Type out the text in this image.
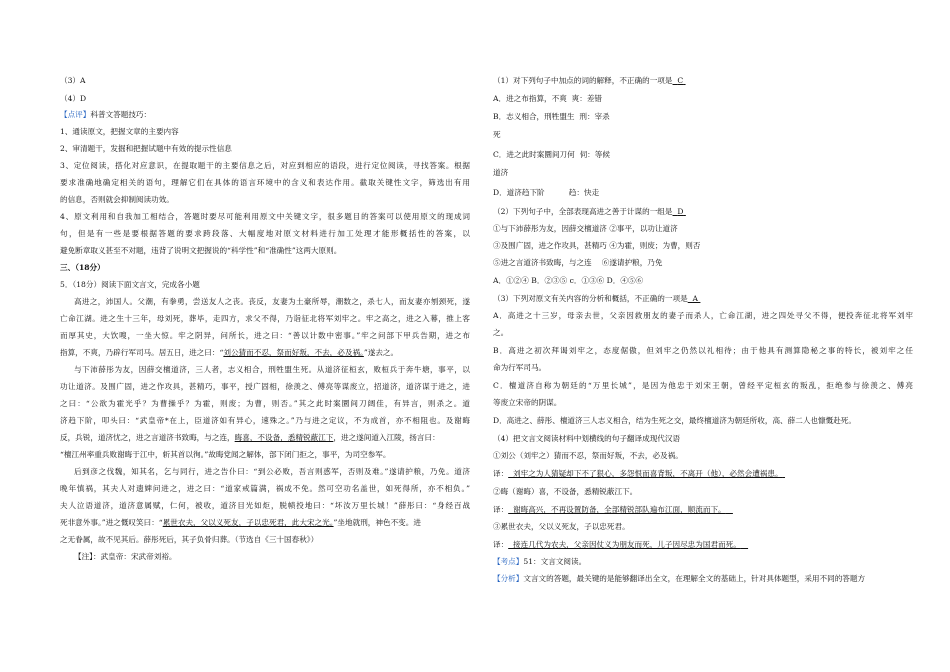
（3）A
（4）D
【点评】科普文答题技巧：
1、通读原文，把握文章的主要内容
2、审清题干，发掘和把握试题中有效的提示性信息
3、定位阅读，搭化对应意识，在提取题干的主要信息之后，对应到相应的语段，进行定位阅读，寻找答案。根据
要求准确地确定相关的语句，理解它们在具体的语言环境中的含义和表达作用。截取关键性文字，筛选出有用
的信息，否则就会抑制阅读功效。
4、原文利用和自我加工相结合，答题时要尽可能利用原文中关键文字，很多题目的答案可以使用原文的现成词
句，但是有一些是要根据答题的要求跨段落、大幅度地对原文材料进行加工处理才能形概括性的答案，以
避免断章取义甚至不对题，违背了说明文把握说的“科学性”和“准确性”这两大原则。
三、（18分）
5．（18分）阅读下面文言文，完成各小题
高进之，沛国人。父潮，有拳勇，尝送友人之丧。丧反，友妻为土豪所辱，潮数之，杀七人，而友妻亦刎颈死，遂
亡命江湖。进之生十三年，母刘死，葬毕，走四方，求父不得，乃诣征北将军刘牢之。牢之高之，进之入幕，推上客
而厚其史，大饮嗖，一坐大惊。牢之阴异，问所长，进之曰：“善以计数中密事。”牢之问部下甲兵告期，进之布
指算，不爽，乃辟行军司马。居五日，进之曰：“刘公猜而不忍，祭而好叛，不去，必及祸。”遂去之。
与下沛薛彤为友，因薛交檀道济，三人者，志义相合，刑牲盟生死。从道济征桓玄，败桓兵于奔牛塘，事平，以
功让道济。及围广固，进之作攻具，甚精巧，事平，授广固相，徐羡之、傅亮等谋废立，招道济，道济谋于进之，进
之曰：“公欲为霍光乎？为曹操乎？为霍，则废；为曹，则否。”其之此时案圜间刀阔佳，有异言，则杀之。道
济趋下阶，叩头曰：“武皇帝*在上，臣道济如有异心，速殊之。”乃与进之定议，不为成首，亦不相阻也。及谢晦
反，兵锐，道济忧之，进之言道济书致晦，与之连，晦喜，不设备，悉精锐蔽江下，进之遂间道入江陵，扬言曰：
“檀江州率重兵败谢晦于江中，斩其首以徇。”故晦党闻之解体，部下闭门拒之，事平，为司空参军。
后到彦之伐魏，知其名，乞与同行，进之告仆曰：“到公必败，吾言则惑军，否则及难。”遂请护粮，乃免。道济
晚年慎祸，其夫人对遗婢问进之，进之曰：“道家戒篇满，祸成不免。然可空功名盖世，如死得所，亦不相负。”
夫人泣语道济，道济意属赋，仁何，被收，道济目光如炬，脱帻投地曰：“坏汝万里长城！”薛彤曰：“身经百战
死非意外事。”进之慨叹笑曰：“累世衣夫，父以义死友，子以忠死君，此大宋之光。”坐地就刑，神色不变。进
之无眷属，故不见其后。薛彤死后，其子负骨归葬。（节选自《三十国春秋》）
【注】：武皇帝：宋武帝刘裕。
（1）对下列句子中加点的词的解释，不正确的一项是 C
A．进之布指算，不爽 爽：差错
B．志义相合，刑牲盟生 刑：宰杀
死
C．进之此时案圜间刀何 伺：等候
道济
D．道济趋下阶	趋：快走
（2）下列句子中，全部表现高进之善于计谋的一组是 D
①与下沛薛彤为友，因薛交檀道济 ②事平，以功让道济
③及围广固，进之作攻具，甚精巧 ④为霍，则废；为曹，则否
⑤进之言道济书致晦，与之连　 ⑥遂请护粮，乃免
A．①②④ B．②③⑤ c．①③⑥ D．④⑤⑥
（3）下列对原文有关内容的分析和概括，不正确的一项是 A
A．高进之十三岁，母亲去世，父亲因救朋友的妻子而杀人，亡命江湖，进之四处寻父不得，便投奔征北将军刘牢
之。
B．高进之初次拜谒刘牢之，态度倨傲，但刘牢之仍然以礼相待；由于他具有测算隐秘之事的特长，被刘牢之任
命为行军司马。
C．檀道济自称为朝廷的“万里长城”，是因为他忠于刘宋王朝，曾经平定桓玄的叛乱，拒绝参与徐羡之、傅亮
等废立宋帝的阴谋。
D．高进之、薛彤、檀道济三人志义相合，结为生死之交，最终檀道济为朝廷所收，高、薛二人也慷慨赴死。
（4）把文言文阅读材料中划横线的句子翻译成现代汉语
①刘公（刘牢之）猜而不忍，祭而好叛，不去，必及祸。
译： 刘牢之为人猜疑却下不了狠心，多怨恨而喜背叛，不离开（他），必然会遭祸患。
②晦（谢晦）喜，不设备，悉精锐蔽江下。
译： 谢晦高兴，不再设置防备，全部精锐部队遍布江面，顺流而下。
③累世衣夫，父以义死友，子以忠死君。
译： 接连几代为农夫，父亲因仗义为朋友而死，儿子因尽忠为国君而死。
【考点】51：文言文阅读。
【分析】文言文的答题，最关键的是能够翻译出全文，在理解全文的基础上，针对具体题型，采用不同的答题方
